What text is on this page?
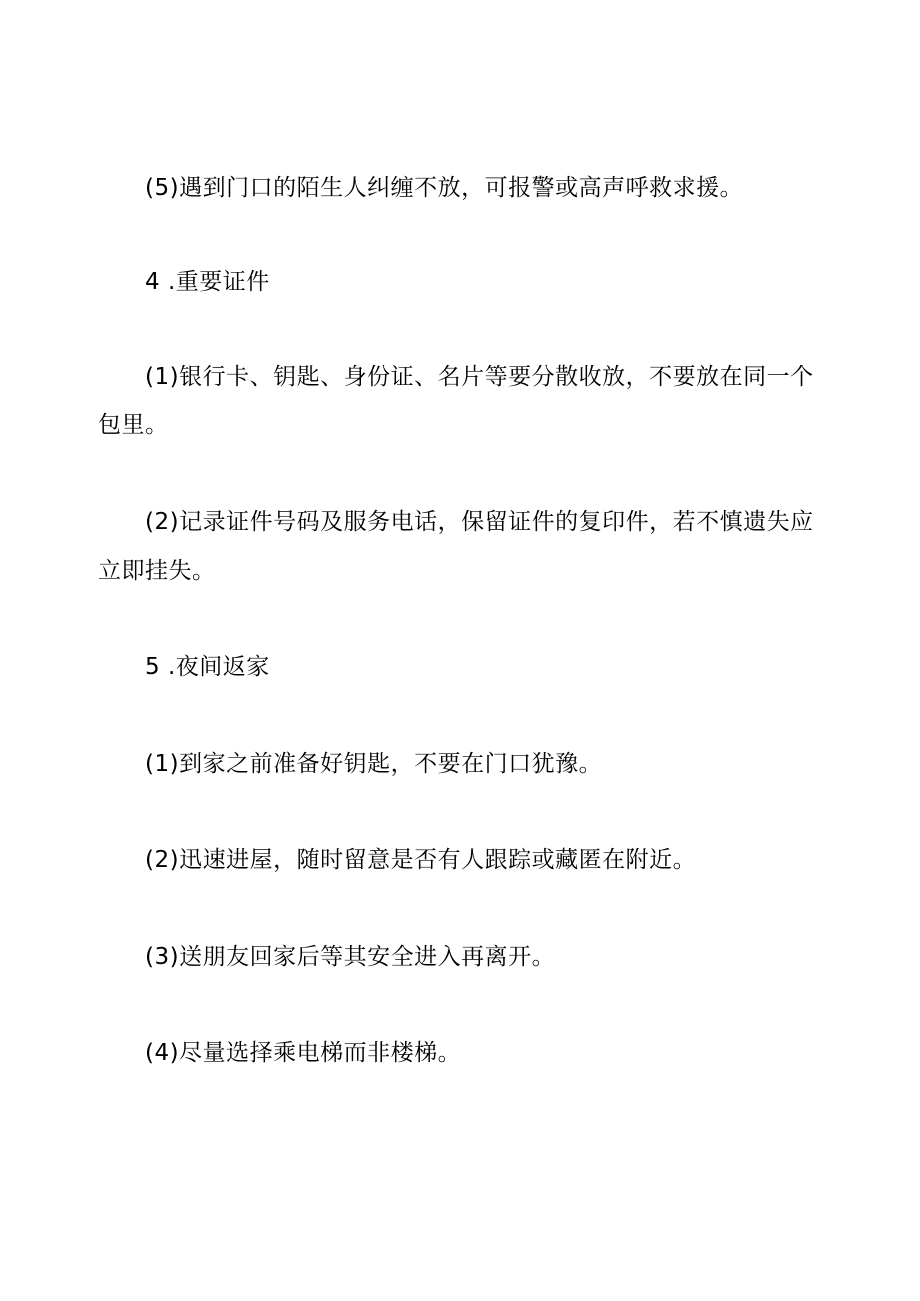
(5)遇到门口的陌生人纠缠不放，可报警或高声呼救求援。
4 .重要证件
(1)银行卡、钥匙、身份证、名片等要分散收放，不要放在同一个
包里。
(2)记录证件号码及服务电话，保留证件的复印件，若不慎遗失应
立即挂失。
5 .夜间返家
(1)到家之前准备好钥匙，不要在门口犹豫。
(2)迅速进屋，随时留意是否有人跟踪或藏匿在附近。
(3)送朋友回家后等其安全进入再离开。
(4)尽量选择乘电梯而非楼梯。
